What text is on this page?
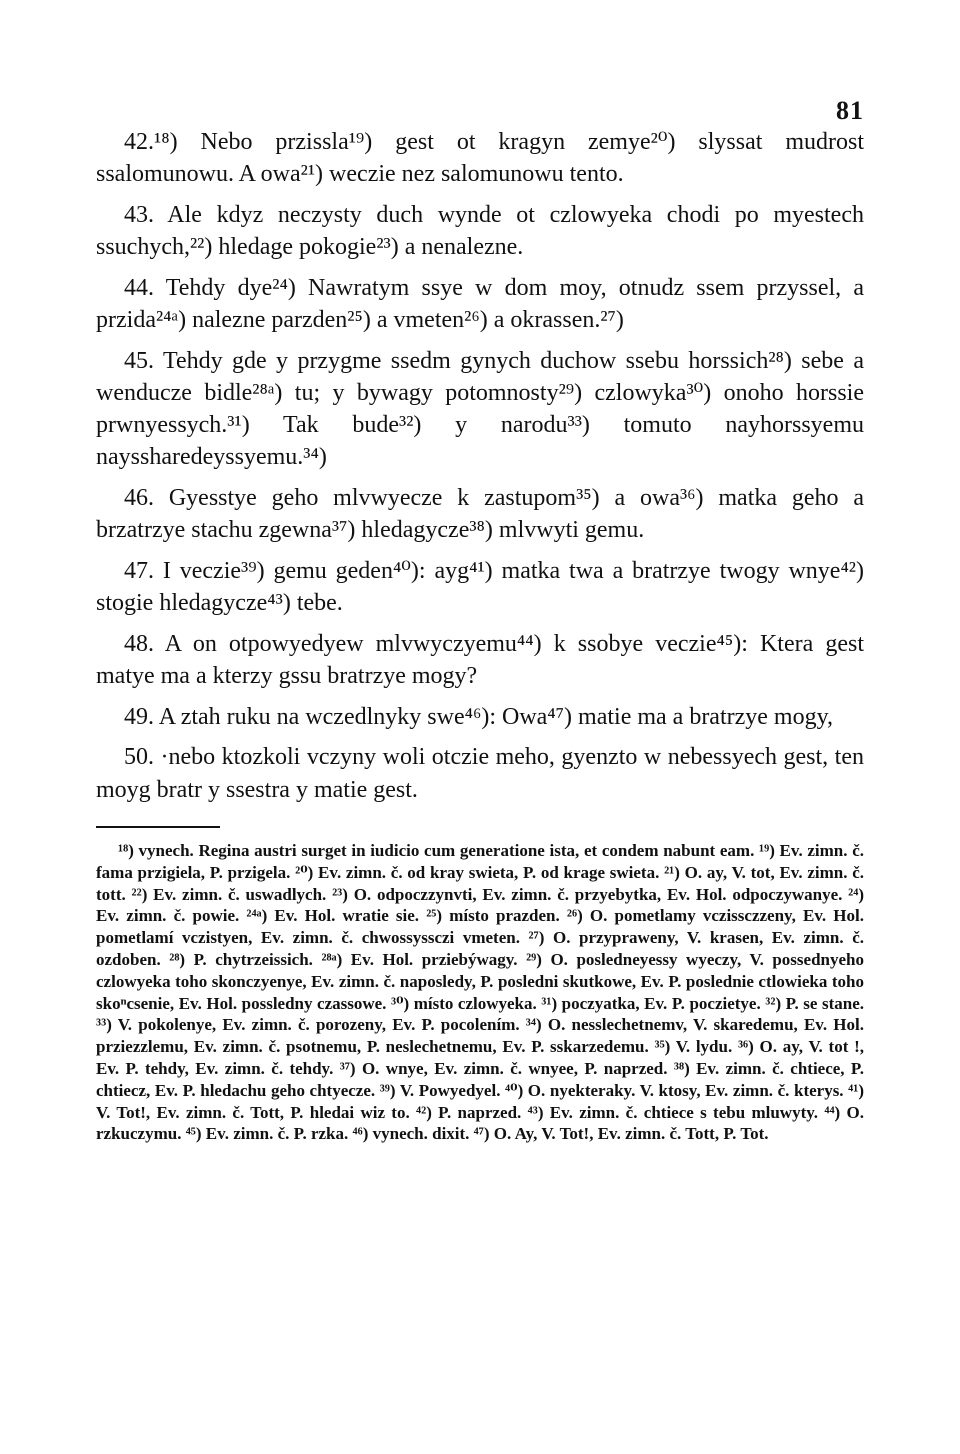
81

42.¹⁸) Nebo przissla¹⁹) gest ot kragyn zemye²⁰) slyssat mudrost ssalomunowu. A owa²¹) weczie nez salomunowu tento.

43. Ale kdyz neczysty duch wynde ot czlowyeka chodi po myestech ssuchych,²²) hledage pokogie²³) a nenalezne.

44. Tehdy dye²⁴) Nawratym ssye w dom moy, otnudz ssem przyssel, a przida²⁴ᵃ) nalezne parzden²⁵) a vmeten²⁶) a okrassen.²⁷)

45. Tehdy gde y przygme ssedm gynych duchow ssebu horssich²⁸) sebe a wenducze bidle²⁸ᵃ) tu; y bywagy potomnosty²⁹) czlowyka³⁰) onoho horssie prwnyessych.³¹) Tak bude³²) y narodu³³) tomuto nayhorssyemu nayssharedeyssyemu.³⁴)

46. Gyesstye geho mlvwyecze k zastupom³⁵) a owa³⁶) matka geho a brzatrzye stachu zgewna³⁷) hledagycze³⁸) mlvwyti gemu.

47. I veczie³⁹) gemu geden⁴⁰): ayg⁴¹) matka twa a bratrzye twogy wnye⁴²) stogie hledagycze⁴³) tebe.

48. A on otpowyedyew mlvwyczyemu⁴⁴) k ssobye veczie⁴⁵): Ktera gest matye ma a kterzy gssu bratrzye mogy?

49. A ztah ruku na wczedlnyky swe⁴⁶): Owa⁴⁷) matie ma a bratrzye mogy,

50. ·nebo ktozkoli vczyny woli otczie meho, gyenzto w nebessyech gest, ten moyg bratr y ssestra y matie gest.

¹⁸) vynech. Regina austri surget in iudicio cum generatione ista, et condem nabunt eam. ¹⁹) Ev. zimn. č. fama przigiela, P. przigela. ²⁰) Ev. zimn. č. od kray swieta, P. od krage swieta. ²¹) O. ay, V. tot, Ev. zimn. č. tott. ²²) Ev. zimn. č. uswadlych. ²³) O. odpoczzynvti, Ev. zimn. č. przyebytka, Ev. Hol. odpoczywanye. ²⁴) Ev. zimn. č. powie. ²⁴ᵃ) Ev. Hol. wratie sie. ²⁵) místo prazden. ²⁶) O. pometlamy vczissczzeny, Ev. Hol. pometlamí vczistyen, Ev. zimn. č. chwossyssczi vmeten. ²⁷) O. przypraweny, V. krasen, Ev. zimn. č. ozdoben. ²⁸) P. chytrzeissich. ²⁸ᵃ) Ev. Hol. prziebýwagy. ²⁹) O. posledneyessy wyeczy, V. possednyeho czlowyeka toho skonczyenye, Ev. zimn. č. naposledy, P. posledni skutkowe, Ev. P. poslednie ctlowieka toho skoⁿcsenie, Ev. Hol. possledny czassowe. ³⁰) místo czlowyeka. ³¹) poczyatka, Ev. P. poczietye. ³²) P. se stane. ³³) V. pokolenye, Ev. zimn. č. porozeny, Ev. P. pocolením. ³⁴) O. nesslechetnemv, V. skaredemu, Ev. Hol. prziezzlemu, Ev. zimn. č. psotnemu, P. neslechetnemu, Ev. P. sskarzedemu. ³⁵) V. lydu. ³⁶) O. ay, V. tot !, Ev. P. tehdy, Ev. zimn. č. tehdy. ³⁷) O. wnye, Ev. zimn. č. wnyee, P. naprzed. ³⁸) Ev. zimn. č. chtiece, P. chtiecz, Ev. P. hledachu geho chtyecze. ³⁹) V. Powyedyel. ⁴⁰) O. nyekteraky. V. ktosy, Ev. zimn. č. kterys. ⁴¹) V. Tot!, Ev. zimn. č. Tott, P. hledai wiz to. ⁴²) P. naprzed. ⁴³) Ev. zimn. č. chtiece s tebu mluwyty. ⁴⁴) O. rzkuczymu. ⁴⁵) Ev. zimn. č. P. rzka. ⁴⁶) vynech. dixit. ⁴⁷) O. Ay, V. Tot!, Ev. zimn. č. Tott, P. Tot.
